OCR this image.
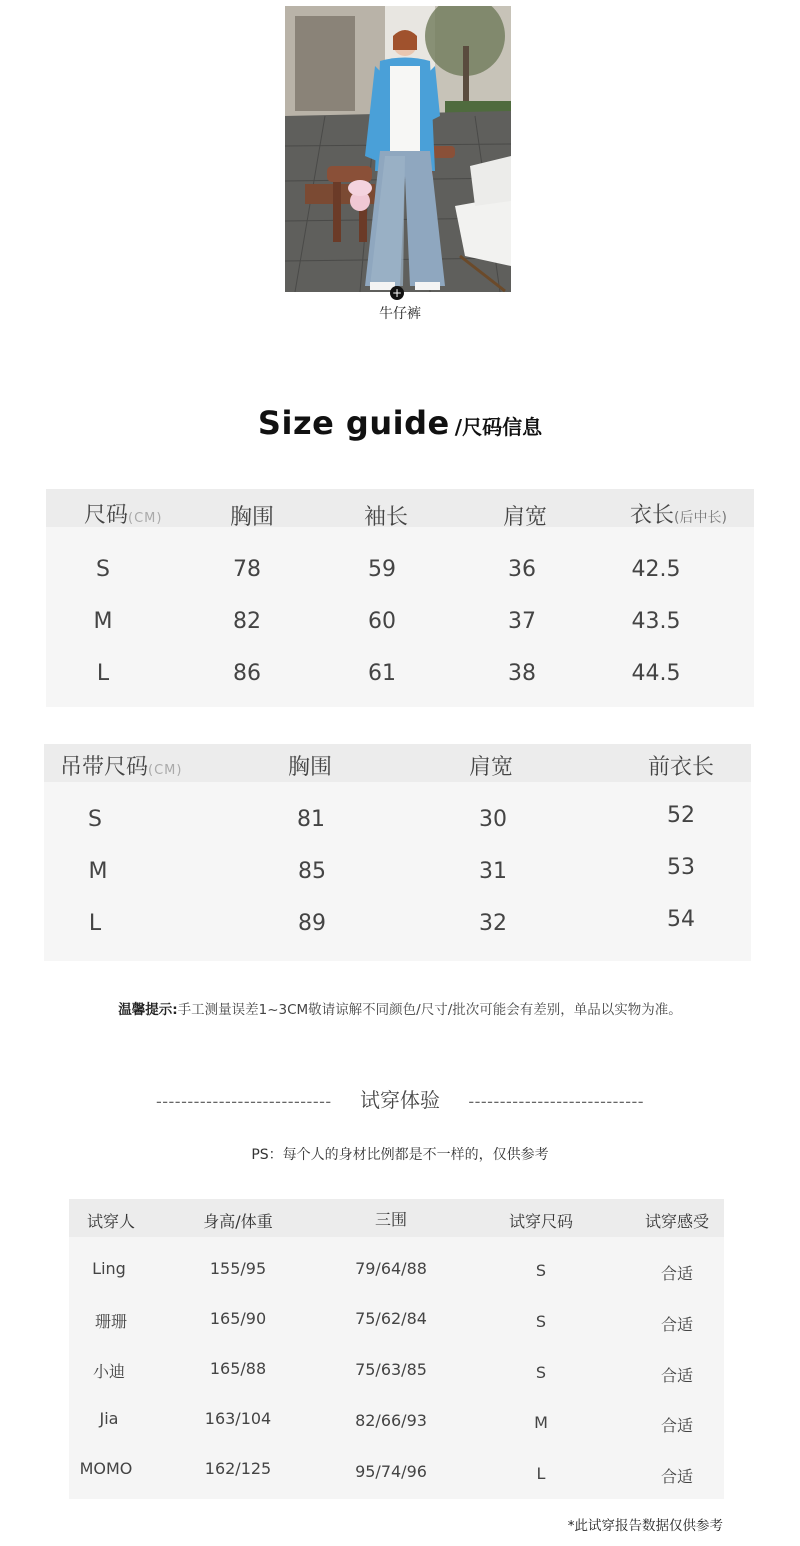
+
牛仔裤
Size guide /尺码信息
尺码(CM)	胸围	袖长	肩宽	衣长(后中长)
S	78	59	36	42.5
M	82	60	37	43.5
L	86	61	38	44.5
吊带尺码(CM)	胸围	肩宽	前衣长
S	81	30	52
M	85	31	53
L	89	32	54
温馨提示:手工测量误差1~3CM敬请谅解不同颜色/尺寸/批次可能会有差别，单品以实物为准。
---------------------------- 试穿体验 ----------------------------
PS：每个人的身材比例都是不一样的，仅供参考
试穿人	身高/体重	三围	试穿尺码	试穿感受
Ling	155/95	79/64/88	S	合适
珊珊	165/90	75/62/84	S	合适
小迪	165/88	75/63/85	S	合适
Jia	163/104	82/66/93	M	合适
MOMO	162/125	95/74/96	L	合适
*此试穿报告数据仅供参考
